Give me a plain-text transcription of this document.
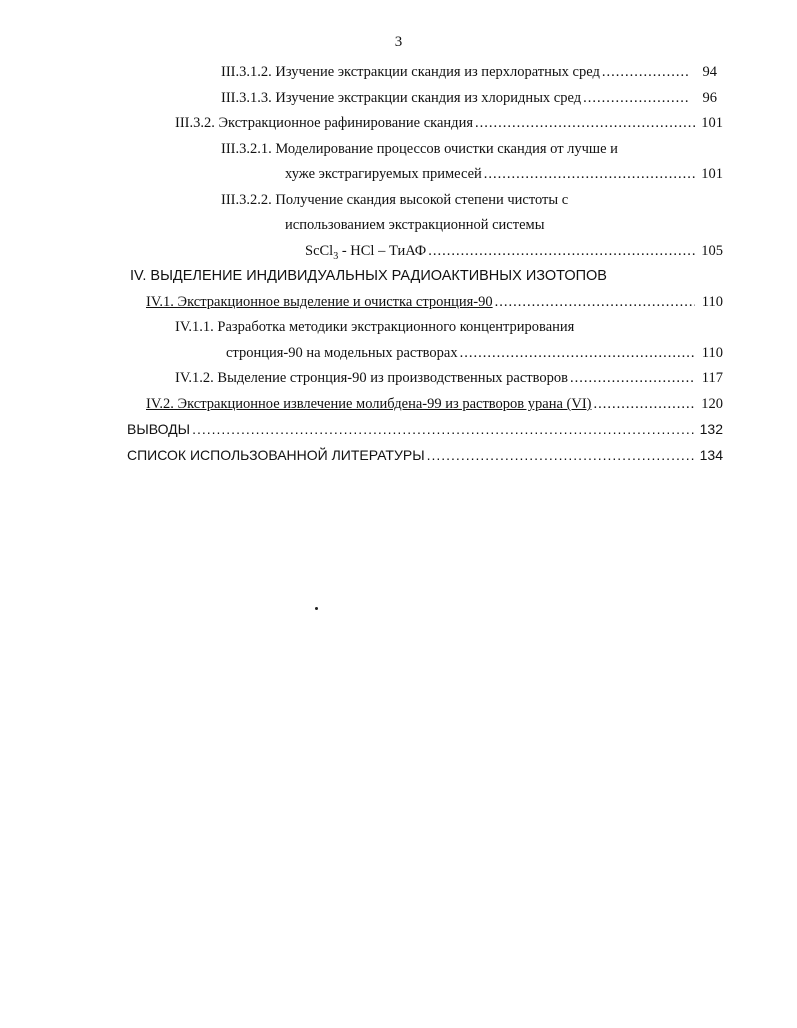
3
III.3.1.2. Изучение экстракции скандия из перхлоратных сред .....	94
III.3.1.3. Изучение экстракции скандия из хлоридных сред .....	96
III.3.2. Экстракционное рафинирование скандия .....	101
III.3.2.1. Моделирование процессов очистки скандия от лучше и
хуже экстрагируемых примесей .....	101
III.3.2.2. Получение скандия высокой степени чистоты с
использованием экстракционной системы
ScCl$_3$ - HCl – ТиАФ .....	105
IV. ВЫДЕЛЕНИЕ ИНДИВИДУАЛЬНЫХ РАДИОАКТИВНЫХ ИЗОТОПОВ
IV.1. Экстракционное выделение и очистка стронция-90 .....	110
IV.1.1. Разработка методики экстракционного концентрирования
стронция-90 на модельных растворах .....	110
IV.1.2. Выделение стронция-90 из производственных растворов .....	117
IV.2. Экстракционное извлечение молибдена-99 из растворов урана (VI) .....	120
ВЫВОДЫ .....	132
СПИСОК ИСПОЛЬЗОВАННОЙ ЛИТЕРАТУРЫ .....	134
